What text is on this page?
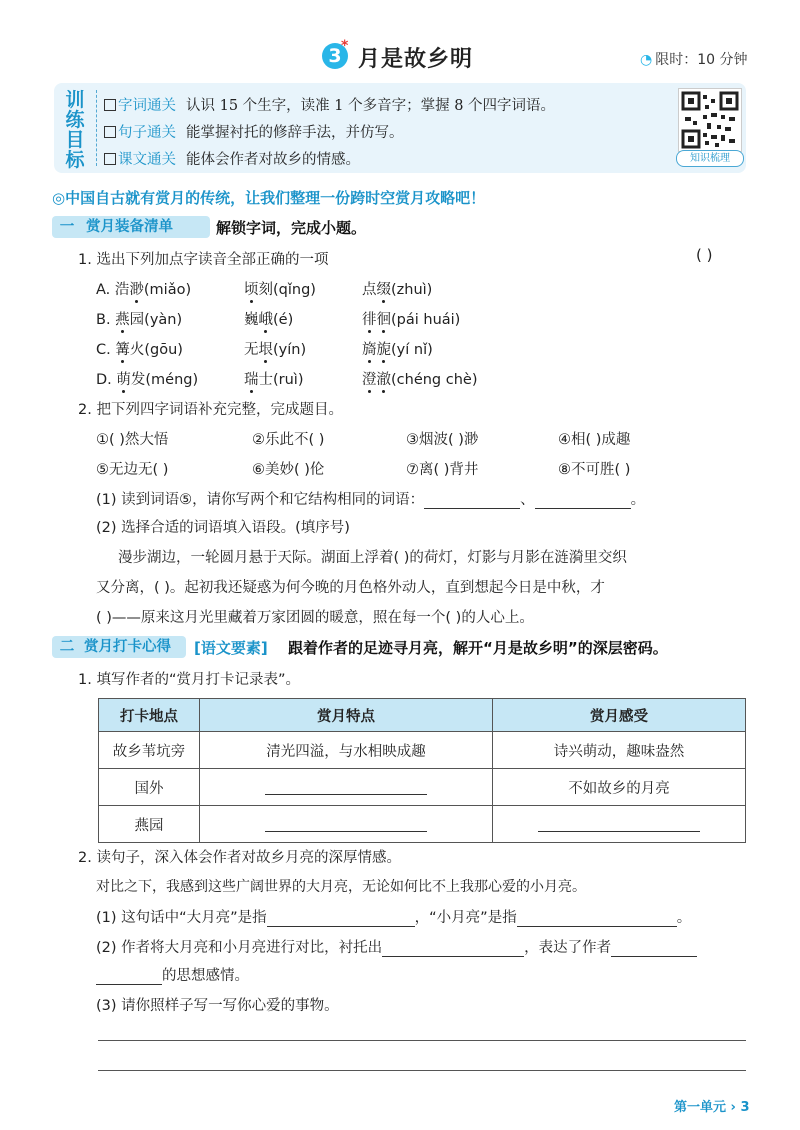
3 *
月是故乡明	◔ 限时：10 分钟
训
练
目
标
字词通关 认识 15 个生字，读准 1 个多音字；掌握 8 个四字词语。
句子通关 能掌握衬托的修辞手法，并仿写。
课文通关 能体会作者对故乡的情感。	知识梳理
◎中国自古就有赏月的传统，让我们整理一份跨时空赏月攻略吧！
一 赏月装备清单	解锁字词，完成小题。
1. 选出下列加点字读音全部正确的一项	( )
A. 浩渺(miǎo)	顷刻(qǐng)	点缀(zhuì)
B. 燕园(yàn)	巍峨(é)	徘徊(pái huái)
C. 篝火(gōu)	无垠(yín)	旖旎(yí nǐ)
D. 萌发(méng)	瑞士(ruì)	澄澈(chéng chè)
2. 把下列四字词语补充完整，完成题目。
①( )然大悟	②乐此不( )	③烟波( )渺	④相( )成趣
⑤无边无( )	⑥美妙( )伦	⑦离( )背井	⑧不可胜( )
(1) 读到词语⑤，请你写两个和它结构相同的词语：	、	。
(2) 选择合适的词语填入语段。(填序号)
漫步湖边，一轮圆月悬于天际。湖面上浮着( )的荷灯，灯影与月影在涟漪里交织
又分离，( )。起初我还疑惑为何今晚的月色格外动人，直到想起今日是中秋，才
( )——原来这月光里藏着万家团圆的暖意，照在每一个( )的人心上。
二 赏月打卡心得	[语文要素] 跟着作者的足迹寻月亮，解开“月是故乡明”的深层密码。
1. 填写作者的“赏月打卡记录表”。
打卡地点	赏月特点	赏月感受
故乡苇坑旁	清光四溢，与水相映成趣	诗兴萌动，趣味盎然
国外		不如故乡的月亮
燕园		
2. 读句子，深入体会作者对故乡月亮的深厚情感。
对比之下，我感到这些广阔世界的大月亮，无论如何比不上我那心爱的小月亮。
(1) 这句话中“大月亮”是指	，“小月亮”是指	。
(2) 作者将大月亮和小月亮进行对比，衬托出	，表达了作者
的思想感情。
(3) 请你照样子写一写你心爱的事物。
第一单元 › 3
